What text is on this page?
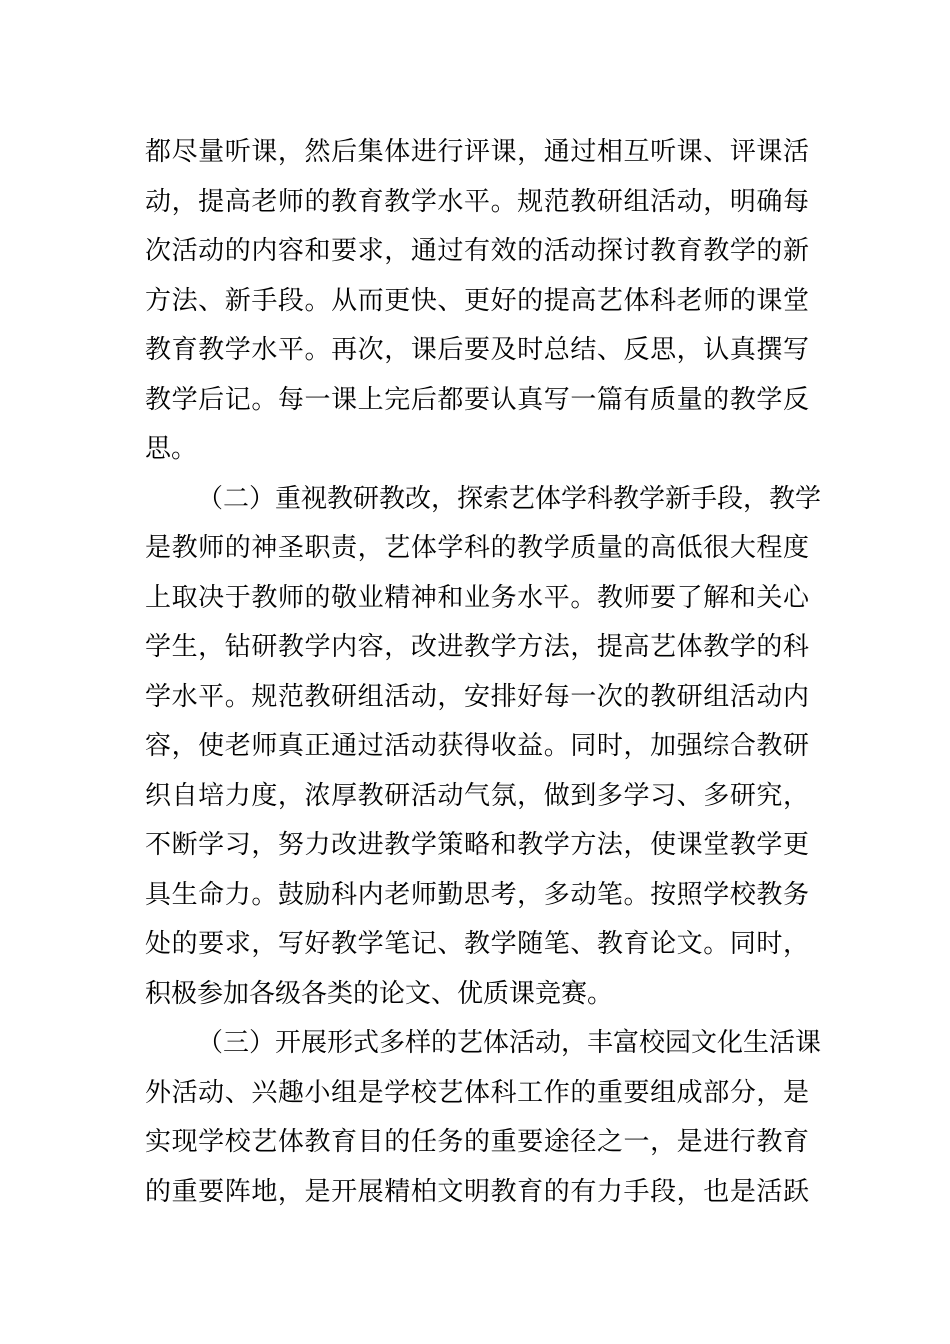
都尽量听课，然后集体进行评课，通过相互听课、评课活
动，提高老师的教育教学水平。规范教研组活动，明确每
次活动的内容和要求，通过有效的活动探讨教育教学的新
方法、新手段。从而更快、更好的提高艺体科老师的课堂
教育教学水平。再次，课后要及时总结、反思，认真撰写
教学后记。每一课上完后都要认真写一篇有质量的教学反
思。
（二）重视教研教改，探索艺体学科教学新手段，教学
是教师的神圣职责，艺体学科的教学质量的高低很大程度
上取决于教师的敬业精神和业务水平。教师要了解和关心
学生，钻研教学内容，改进教学方法，提高艺体教学的科
学水平。规范教研组活动，安排好每一次的教研组活动内
容，使老师真正通过活动获得收益。同时，加强综合教研
织自培力度，浓厚教研活动气氛，做到多学习、多研究，
不断学习，努力改进教学策略和教学方法，使课堂教学更
具生命力。鼓励科内老师勤思考，多动笔。按照学校教务
处的要求，写好教学笔记、教学随笔、教育论文。同时，
积极参加各级各类的论文、优质课竞赛。
（三）开展形式多样的艺体活动，丰富校园文化生活课
外活动、兴趣小组是学校艺体科工作的重要组成部分，是
实现学校艺体教育目的任务的重要途径之一，是进行教育
的重要阵地，是开展精柏文明教育的有力手段，也是活跃
